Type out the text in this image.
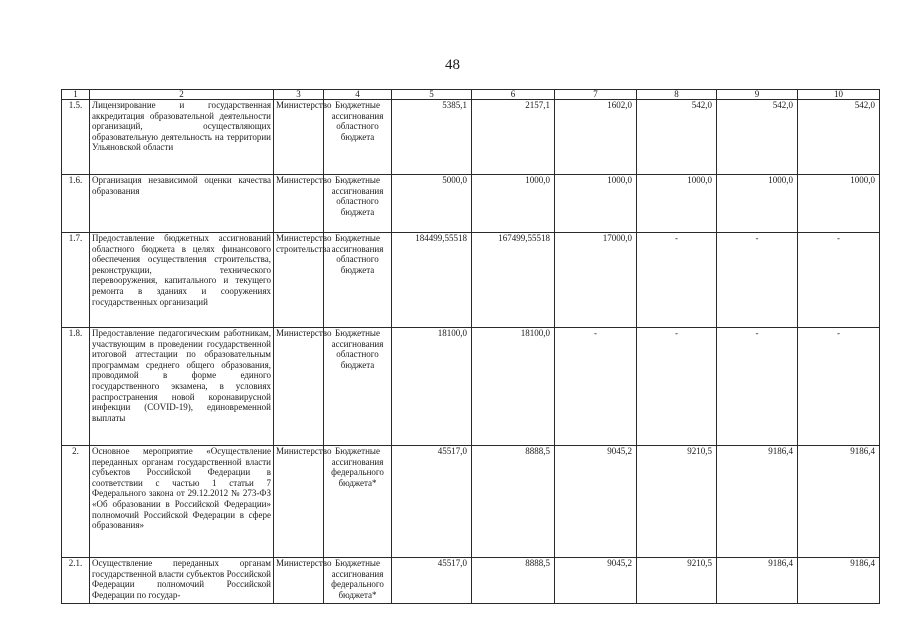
48
1	2	3	4	5	6	7	8	9	10
1.5.	Лицензирование и государственная аккредитация образовательной деятельности организаций, осуществляющих образовательную деятельность на территории Ульяновской области	Министерство	Бюджетные ассигнования областного бюджета	5385,1	2157,1	1602,0	542,0	542,0	542,0
1.6.	Организация независимой оценки качества образования	Министерство	Бюджетные ассигнования областного бюджета	5000,0	1000,0	1000,0	1000,0	1000,0	1000,0
1.7.	Предоставление бюджетных ассигнований областного бюджета в целях финансового обеспечения осуществления строительства, реконструкции, технического перевооружения, капитального и текущего ремонта в зданиях и сооружениях государственных организаций	Министерство строительства	Бюджетные ассигнования областного бюджета	184499,55518	167499,55518	17000,0	-	-	-
1.8.	Предоставление педагогическим работникам, участвующим в проведении государственной итоговой аттестации по образовательным программам среднего общего образования, проводимой в форме единого государственного экзамена, в условиях распространения новой коронавирусной инфекции (COVID-19), единовременной выплаты	Министерство	Бюджетные ассигнования областного бюджета	18100,0	18100,0	-	-	-	-
2.	Основное мероприятие «Осуществление переданных органам государственной власти субъектов Российской Федерации в соответствии с частью 1 статьи 7 Федерального закона от 29.12.2012 № 273-ФЗ «Об образовании в Российской Федерации» полномочий Российской Федерации в сфере образования»	Министерство	Бюджетные ассигнования федерального бюджета*	45517,0	8888,5	9045,2	9210,5	9186,4	9186,4
2.1.	Осуществление переданных органам государственной власти субъектов Российской Федерации полномочий Российской Федерации по государ-	Министерство	Бюджетные ассигнования федерального бюджета*	45517,0	8888,5	9045,2	9210,5	9186,4	9186,4
